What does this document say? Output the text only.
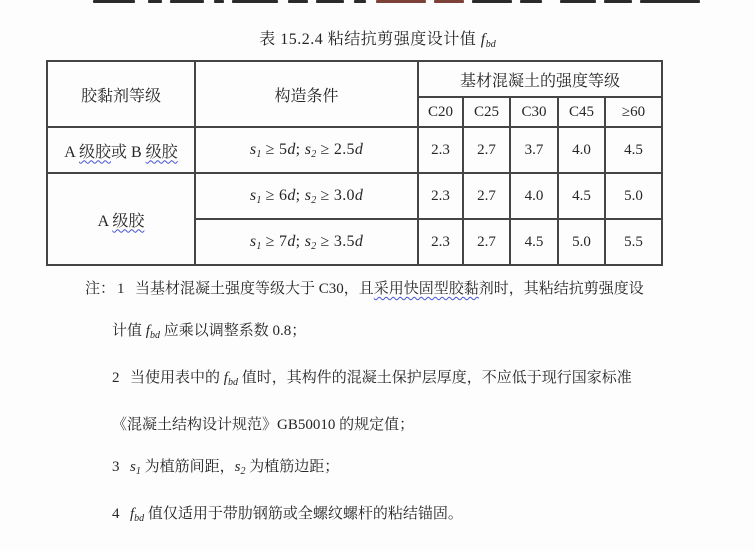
表 15.2.4 粘结抗剪强度设计值 $f_{bd}$
胶黏剂等级	构造条件	基材混凝土的强度等级				
		C20	C25	C30	C45	≥60
A 级胶或 B 级胶	$s_1 \ge 5d$; $s_2 \ge 2.5d$	2.3	2.7	3.7	4.0	4.5
A 级胶	$s_1 \ge 6d$; $s_2 \ge 3.0d$	2.3	2.7	4.0	4.5	5.0
	$s_1 \ge 7d$; $s_2 \ge 3.5d$	2.3	2.7	4.5	5.0	5.5
注： 1 当基材混凝土强度等级大于 C30，且采用快固型胶黏剂时，其粘结抗剪强度设
计值 $f_{bd}$ 应乘以调整系数 0.8；
2 当使用表中的 $f_{bd}$ 值时，其构件的混凝土保护层厚度，不应低于现行国家标准
《混凝土结构设计规范》GB50010 的规定值；
3 $s_1$ 为植筋间距，$s_2$ 为植筋边距；
4 $f_{bd}$ 值仅适用于带肋钢筋或全螺纹螺杆的粘结锚固。
